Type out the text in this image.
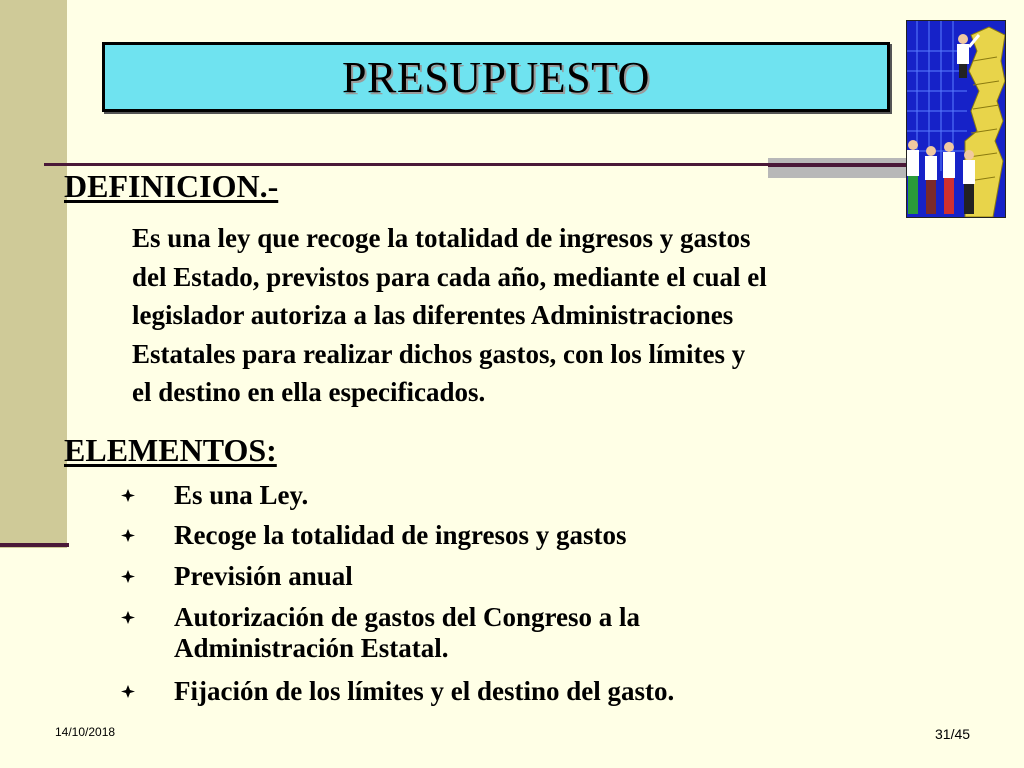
PRESUPUESTO
DEFINICION.-
Es una ley que recoge la totalidad de ingresos y gastos
del Estado, previstos para cada año, mediante el cual el
legislador autoriza a las diferentes Administraciones
Estatales para realizar dichos gastos, con los límites y
el destino en ella especificados.
ELEMENTOS:
Es una Ley.
Recoge la totalidad de ingresos y gastos
Previsión anual
Autorización de gastos del Congreso a la
Administración Estatal.
Fijación de los límites y el destino del gasto.
14/10/2018	31/45
